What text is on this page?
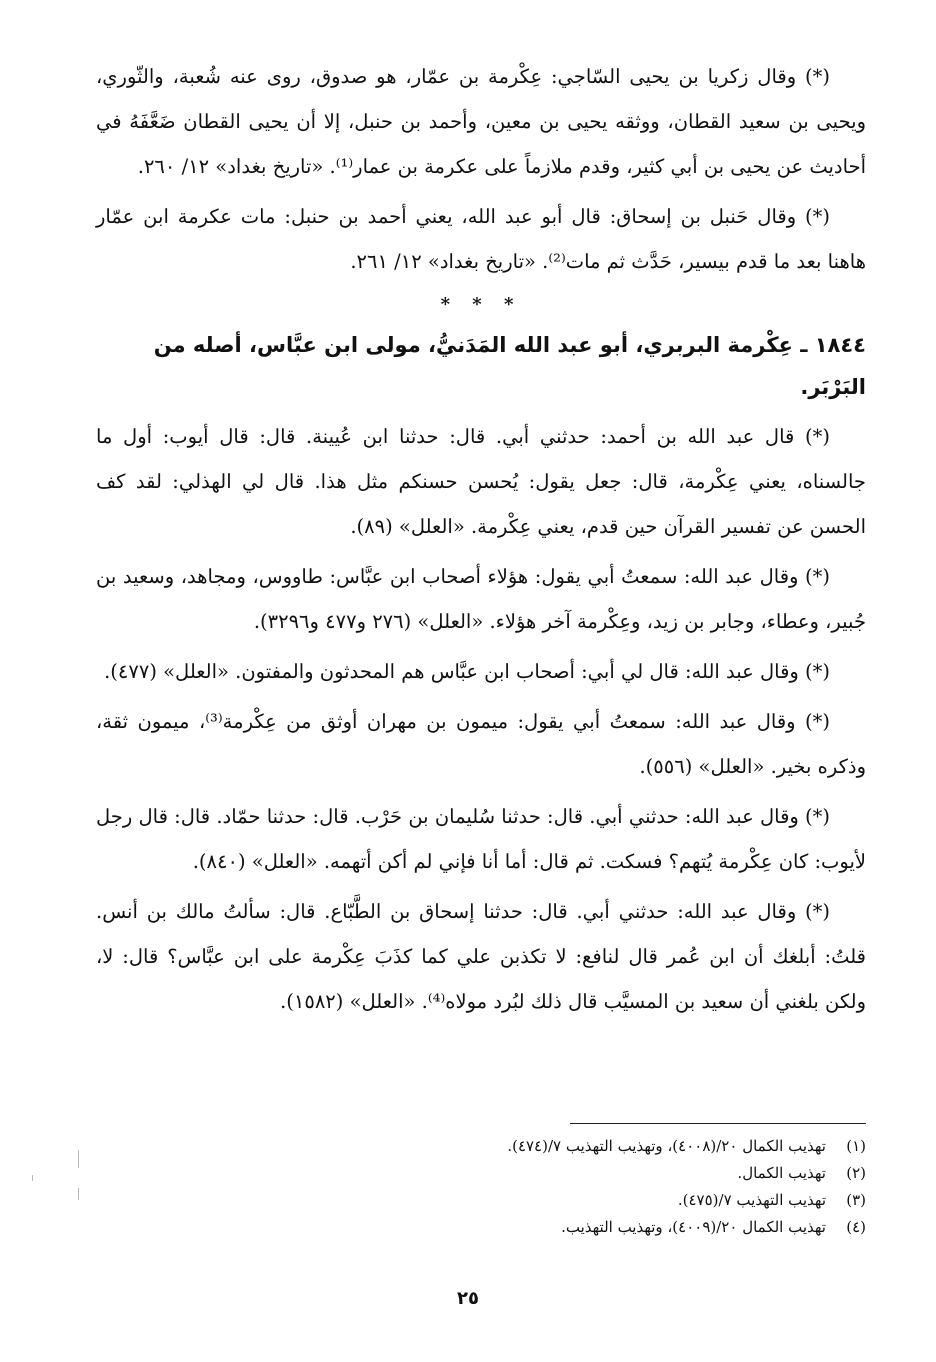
(*) وقال زكريا بن يحيى السّاجي: عِكْرمة بن عمّار، هو صدوق، روى عنه شُعبة، والثّوري، ويحيى بن سعيد القطان، ووثقه يحيى بن معين، وأحمد بن حنبل، إلا أن يحيى القطان ضَعَّفَهُ في أحاديث عن يحيى بن أبي كثير، وقدم ملازماً على عكرمة بن عمار⁽¹⁾. «تاريخ بغداد» ١٢/ ٢٦٠.

(*) وقال حَنبل بن إسحاق: قال أبو عبد الله، يعني أحمد بن حنبل: مات عكرمة ابن عمّار هاهنا بعد ما قدم بيسير، حَدَّث ثم مات⁽²⁾. «تاريخ بغداد» ١٢/ ٢٦١.

* * *
١٨٤٤ ـ عِكْرمة البربري، أبو عبد الله المَدَنيُّ، مولى ابن عبَّاس، أصله من البَرْبَر.

(*) قال عبد الله بن أحمد: حدثني أبي. قال: حدثنا ابن عُيينة. قال: قال أيوب: أول ما جالسناه، يعني عِكْرمة، قال: جعل يقول: يُحسن حسنكم مثل هذا. قال لي الهذلي: لقد كف الحسن عن تفسير القرآن حين قدم، يعني عِكْرمة. «العلل» (٨٩).

(*) وقال عبد الله: سمعتُ أبي يقول: هؤلاء أصحاب ابن عبَّاس: طاووس، ومجاهد، وسعيد بن جُبير، وعطاء، وجابر بن زيد، وعِكْرمة آخر هؤلاء. «العلل» (٢٧٦ و٤٧٧ و٣٢٩٦).

(*) وقال عبد الله: قال لي أبي: أصحاب ابن عبَّاس هم المحدثون والمفتون. «العلل» (٤٧٧).

(*) وقال عبد الله: سمعتُ أبي يقول: ميمون بن مهران أوثق من عِكْرمة⁽³⁾، ميمون ثقة، وذكره بخير. «العلل» (٥٥٦).

(*) وقال عبد الله: حدثني أبي. قال: حدثنا سُليمان بن حَرْب. قال: حدثنا حمّاد. قال: قال رجل لأيوب: كان عِكْرمة يُتهم؟ فسكت. ثم قال: أما أنا فإني لم أكن أتهمه. «العلل» (٨٤٠).

(*) وقال عبد الله: حدثني أبي. قال: حدثنا إسحاق بن الطَّبّاع. قال: سألتُ مالك بن أنس. قلتُ: أبلغك أن ابن عُمر قال لنافع: لا تكذبن علي كما كذَبَ عِكْرمة على ابن عبَّاس؟ قال: لا، ولكن بلغني أن سعيد بن المسيَّب قال ذلك لبُرد مولاه⁽⁴⁾. «العلل» (١٥٨٢).

(١)تهذيب الكمال ٢٠/(٤٠٠٨)، وتهذيب التهذيب ٧/(٤٧٤).
(٢)تهذيب الكمال.
(٣)تهذيب التهذيب ٧/(٤٧٥).
(٤)تهذيب الكمال ٢٠/(٤٠٠٩)، وتهذيب التهذيب.
٢٥
